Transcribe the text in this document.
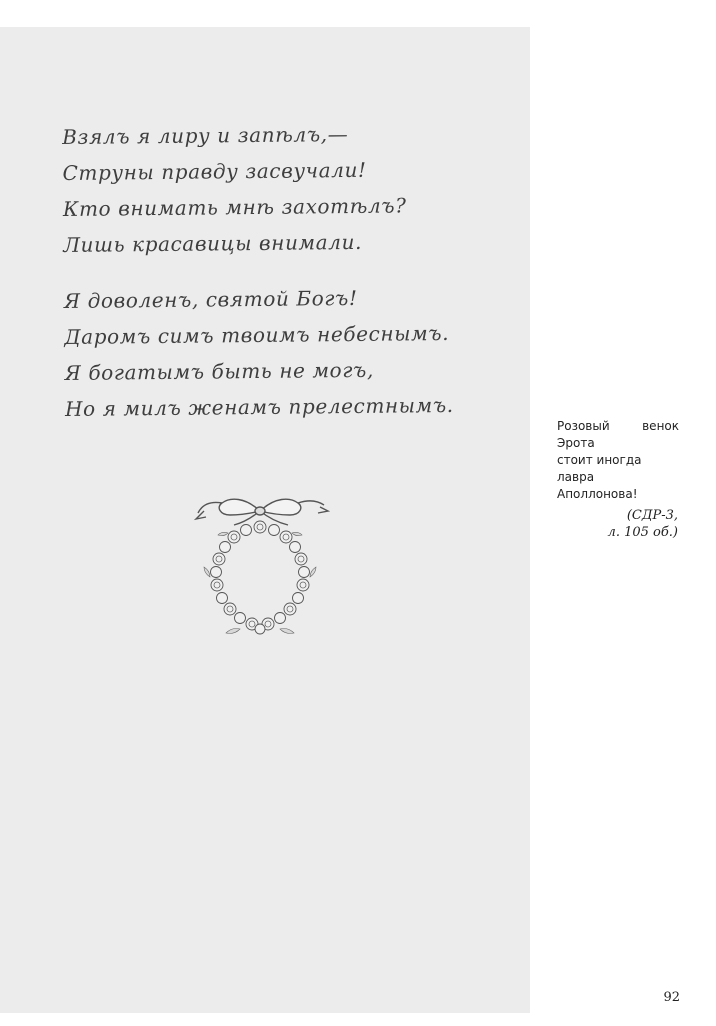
Взялъ я лиру и запѣлъ,—
Струны правду засвучали!
Кто внимать мнѣ захотѣлъ?
Лишь красавицы внимали.
Я доволенъ, святой Богъ!
Даромъ симъ твоимъ небеснымъ.
Я богатымъ быть не могъ,
Но я милъ женамъ прелестнымъ.
Розовый	венок
Эрота
стоит иногда
лавра
Аполлонова!
(СДР-3,
л. 105 об.)
92
